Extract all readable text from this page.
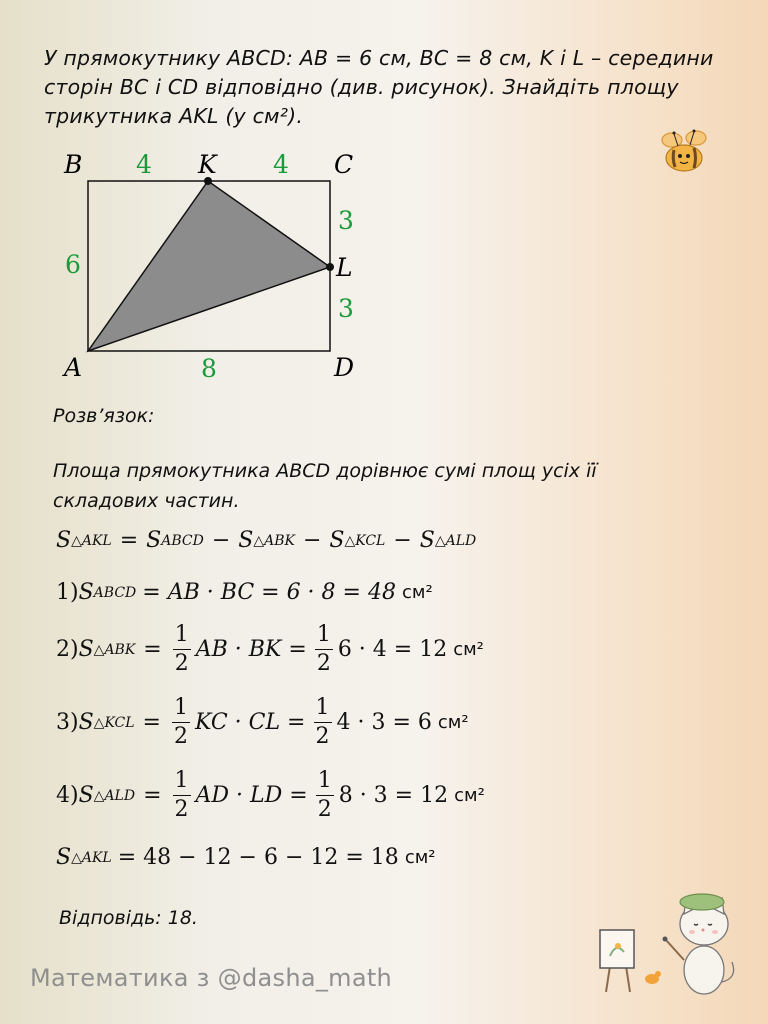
У прямокутнику ABCD: AB = 6 см, BC = 8 см, K і L – середини
сторін BC і CD відповідно (див. рисунок). Знайдіть площу
трикутника AKL (у см²).
B	K	C
L
A	D
4	4
3
3
6
8
Розв’язок:
Площа прямокутника ABCD дорівнює сумі площ усіх її
складових частин.
S △AKL = S ABCD − S △ABK − S △KCL − S △ALD
1) S ABCD = AB · BC = 6 · 8 = 48 см²
2) S △ABK = $\frac{1}{2}$ AB · BK = $\frac{1}{2} 6 \cdot 4 = 12$ см²
3) S △KCL = $\frac{1}{2}$ KC · CL = $\frac{1}{2} 4 \cdot 3 = 6$ см²
4) S △ALD = $\frac{1}{2}$ AD · LD = $\frac{1}{2} 8 \cdot 3 = 12$ см²
S △AKL = 48 − 12 − 6 − 12 = 18 см²
Відповідь: 18.
Математика з @dasha_math
